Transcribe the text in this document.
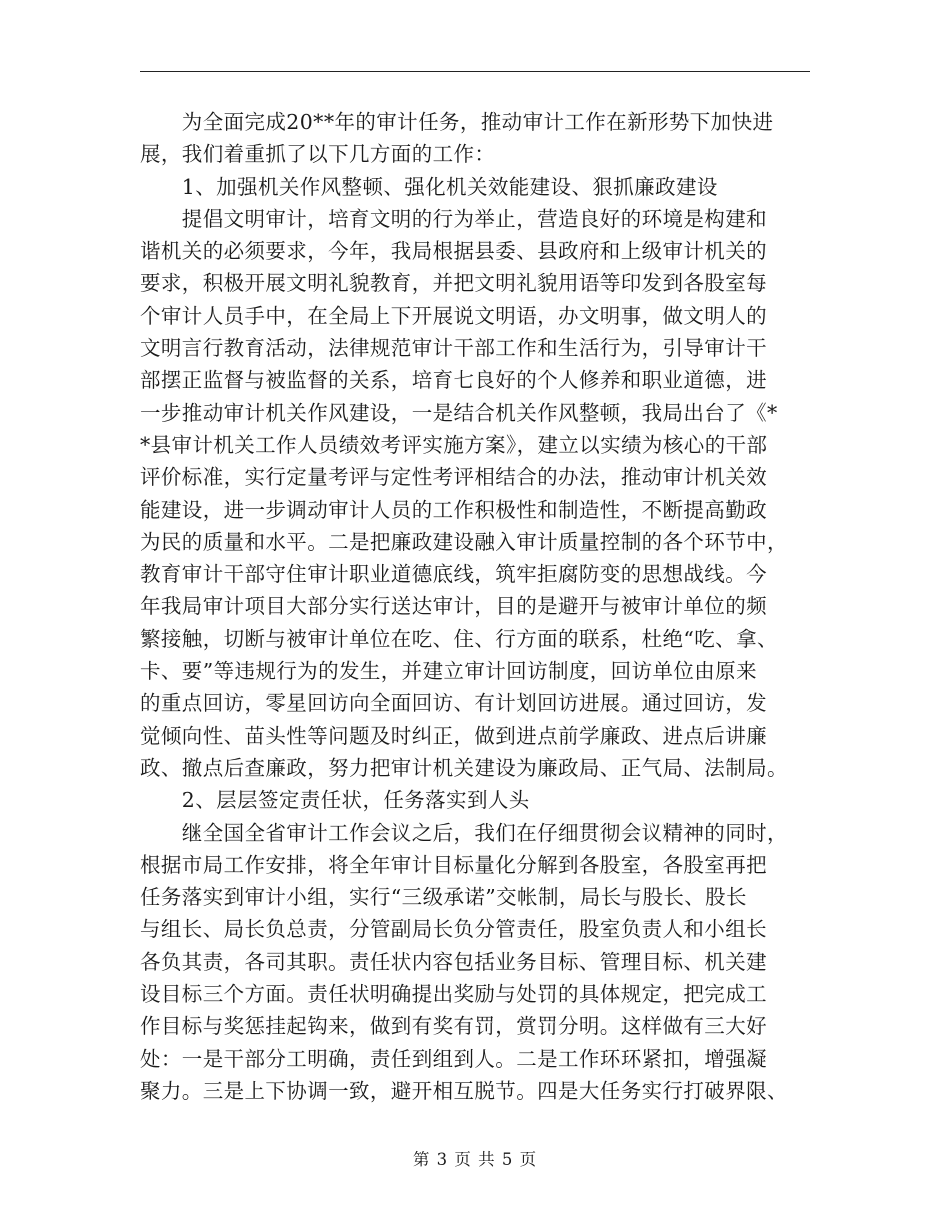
　　为全面完成20**年的审计任务，推动审计工作在新形势下加快进
展，我们着重抓了以下几方面的工作：
　　1、加强机关作风整顿、强化机关效能建设、狠抓廉政建设
　　提倡文明审计，培育文明的行为举止，营造良好的环境是构建和
谐机关的必须要求，今年，我局根据县委、县政府和上级审计机关的
要求，积极开展文明礼貌教育，并把文明礼貌用语等印发到各股室每
个审计人员手中，在全局上下开展说文明语，办文明事，做文明人的
文明言行教育活动，法律规范审计干部工作和生活行为，引导审计干
部摆正监督与被监督的关系，培育七良好的个人修养和职业道德，进
一步推动审计机关作风建设，一是结合机关作风整顿，我局出台了《*
*县审计机关工作人员绩效考评实施方案》，建立以实绩为核心的干部
评价标准，实行定量考评与定性考评相结合的办法，推动审计机关效
能建设，进一步调动审计人员的工作积极性和制造性，不断提高勤政
为民的质量和水平。二是把廉政建设融入审计质量控制的各个环节中，
教育审计干部守住审计职业道德底线，筑牢拒腐防变的思想战线。今
年我局审计项目大部分实行送达审计，目的是避开与被审计单位的频
繁接触，切断与被审计单位在吃、住、行方面的联系，杜绝“吃、拿、
卡、要”等违规行为的发生，并建立审计回访制度，回访单位由原来
的重点回访，零星回访向全面回访、有计划回访进展。通过回访，发
觉倾向性、苗头性等问题及时纠正，做到进点前学廉政、进点后讲廉
政、撤点后查廉政，努力把审计机关建设为廉政局、正气局、法制局。
　　2、层层签定责任状，任务落实到人头
　　继全国全省审计工作会议之后，我们在仔细贯彻会议精神的同时，
根据市局工作安排，将全年审计目标量化分解到各股室，各股室再把
任务落实到审计小组，实行“三级承诺”交帐制，局长与股长、股长
与组长、局长负总责，分管副局长负分管责任，股室负责人和小组长
各负其责，各司其职。责任状内容包括业务目标、管理目标、机关建
设目标三个方面。责任状明确提出奖励与处罚的具体规定，把完成工
作目标与奖惩挂起钩来，做到有奖有罚，赏罚分明。这样做有三大好
处：一是干部分工明确，责任到组到人。二是工作环环紧扣，增强凝
聚力。三是上下协调一致，避开相互脱节。四是大任务实行打破界限、
第 3 页 共 5 页
